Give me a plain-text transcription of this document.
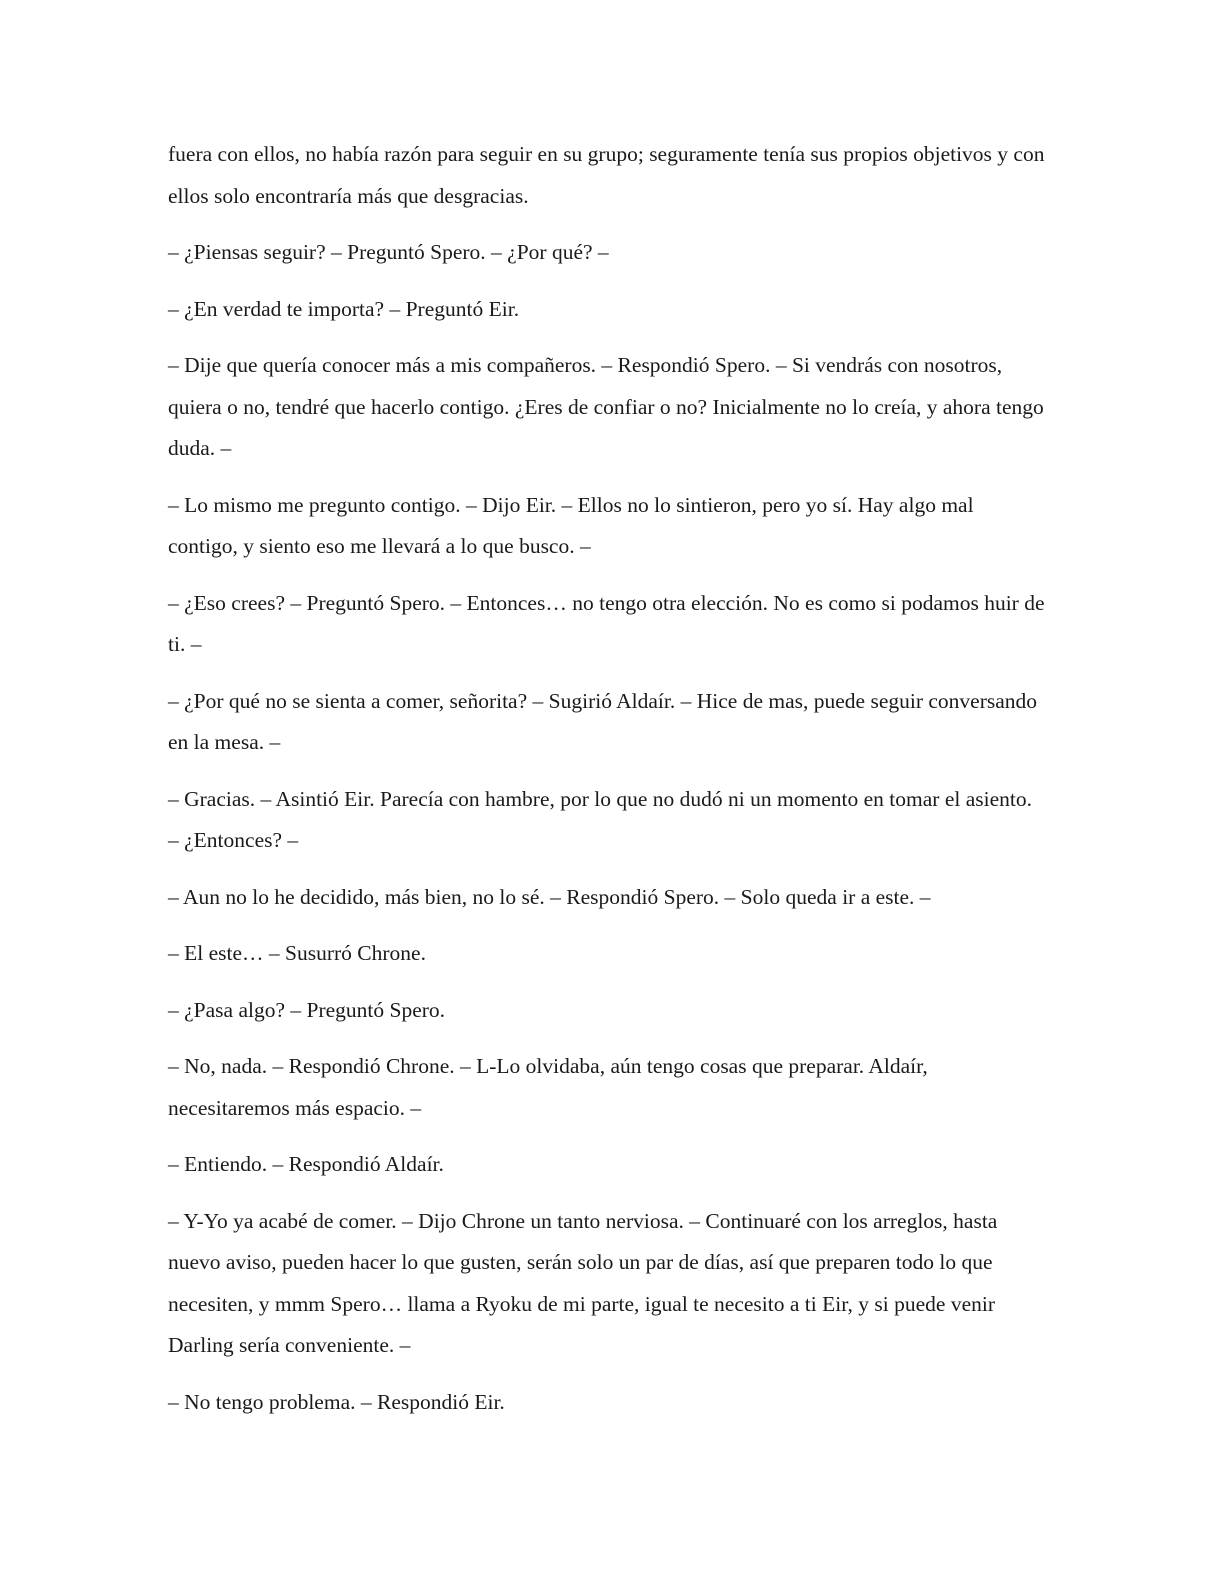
fuera con ellos, no había razón para seguir en su grupo; seguramente tenía sus propios objetivos y con ellos solo encontraría más que desgracias.

– ¿Piensas seguir? – Preguntó Spero. – ¿Por qué? –

– ¿En verdad te importa? – Preguntó Eir.

– Dije que quería conocer más a mis compañeros. – Respondió Spero. – Si vendrás con nosotros, quiera o no, tendré que hacerlo contigo. ¿Eres de confiar o no? Inicialmente no lo creía, y ahora tengo duda. –

– Lo mismo me pregunto contigo. – Dijo Eir. – Ellos no lo sintieron, pero yo sí. Hay algo mal contigo, y siento eso me llevará a lo que busco. –

– ¿Eso crees? – Preguntó Spero. – Entonces… no tengo otra elección. No es como si podamos huir de ti. –

– ¿Por qué no se sienta a comer, señorita? – Sugirió Aldaír. – Hice de mas, puede seguir conversando en la mesa. –

– Gracias. – Asintió Eir. Parecía con hambre, por lo que no dudó ni un momento en tomar el asiento. – ¿Entonces? –

– Aun no lo he decidido, más bien, no lo sé. – Respondió Spero. – Solo queda ir a este. –

– El este… – Susurró Chrone.

– ¿Pasa algo? – Preguntó Spero.

– No, nada. – Respondió Chrone. – L-Lo olvidaba, aún tengo cosas que preparar. Aldaír, necesitaremos más espacio. –

– Entiendo. – Respondió Aldaír.

– Y-Yo ya acabé de comer. – Dijo Chrone un tanto nerviosa. – Continuaré con los arreglos, hasta nuevo aviso, pueden hacer lo que gusten, serán solo un par de días, así que preparen todo lo que necesiten, y mmm Spero… llama a Ryoku de mi parte, igual te necesito a ti Eir, y si puede venir Darling sería conveniente. –

– No tengo problema. – Respondió Eir.
